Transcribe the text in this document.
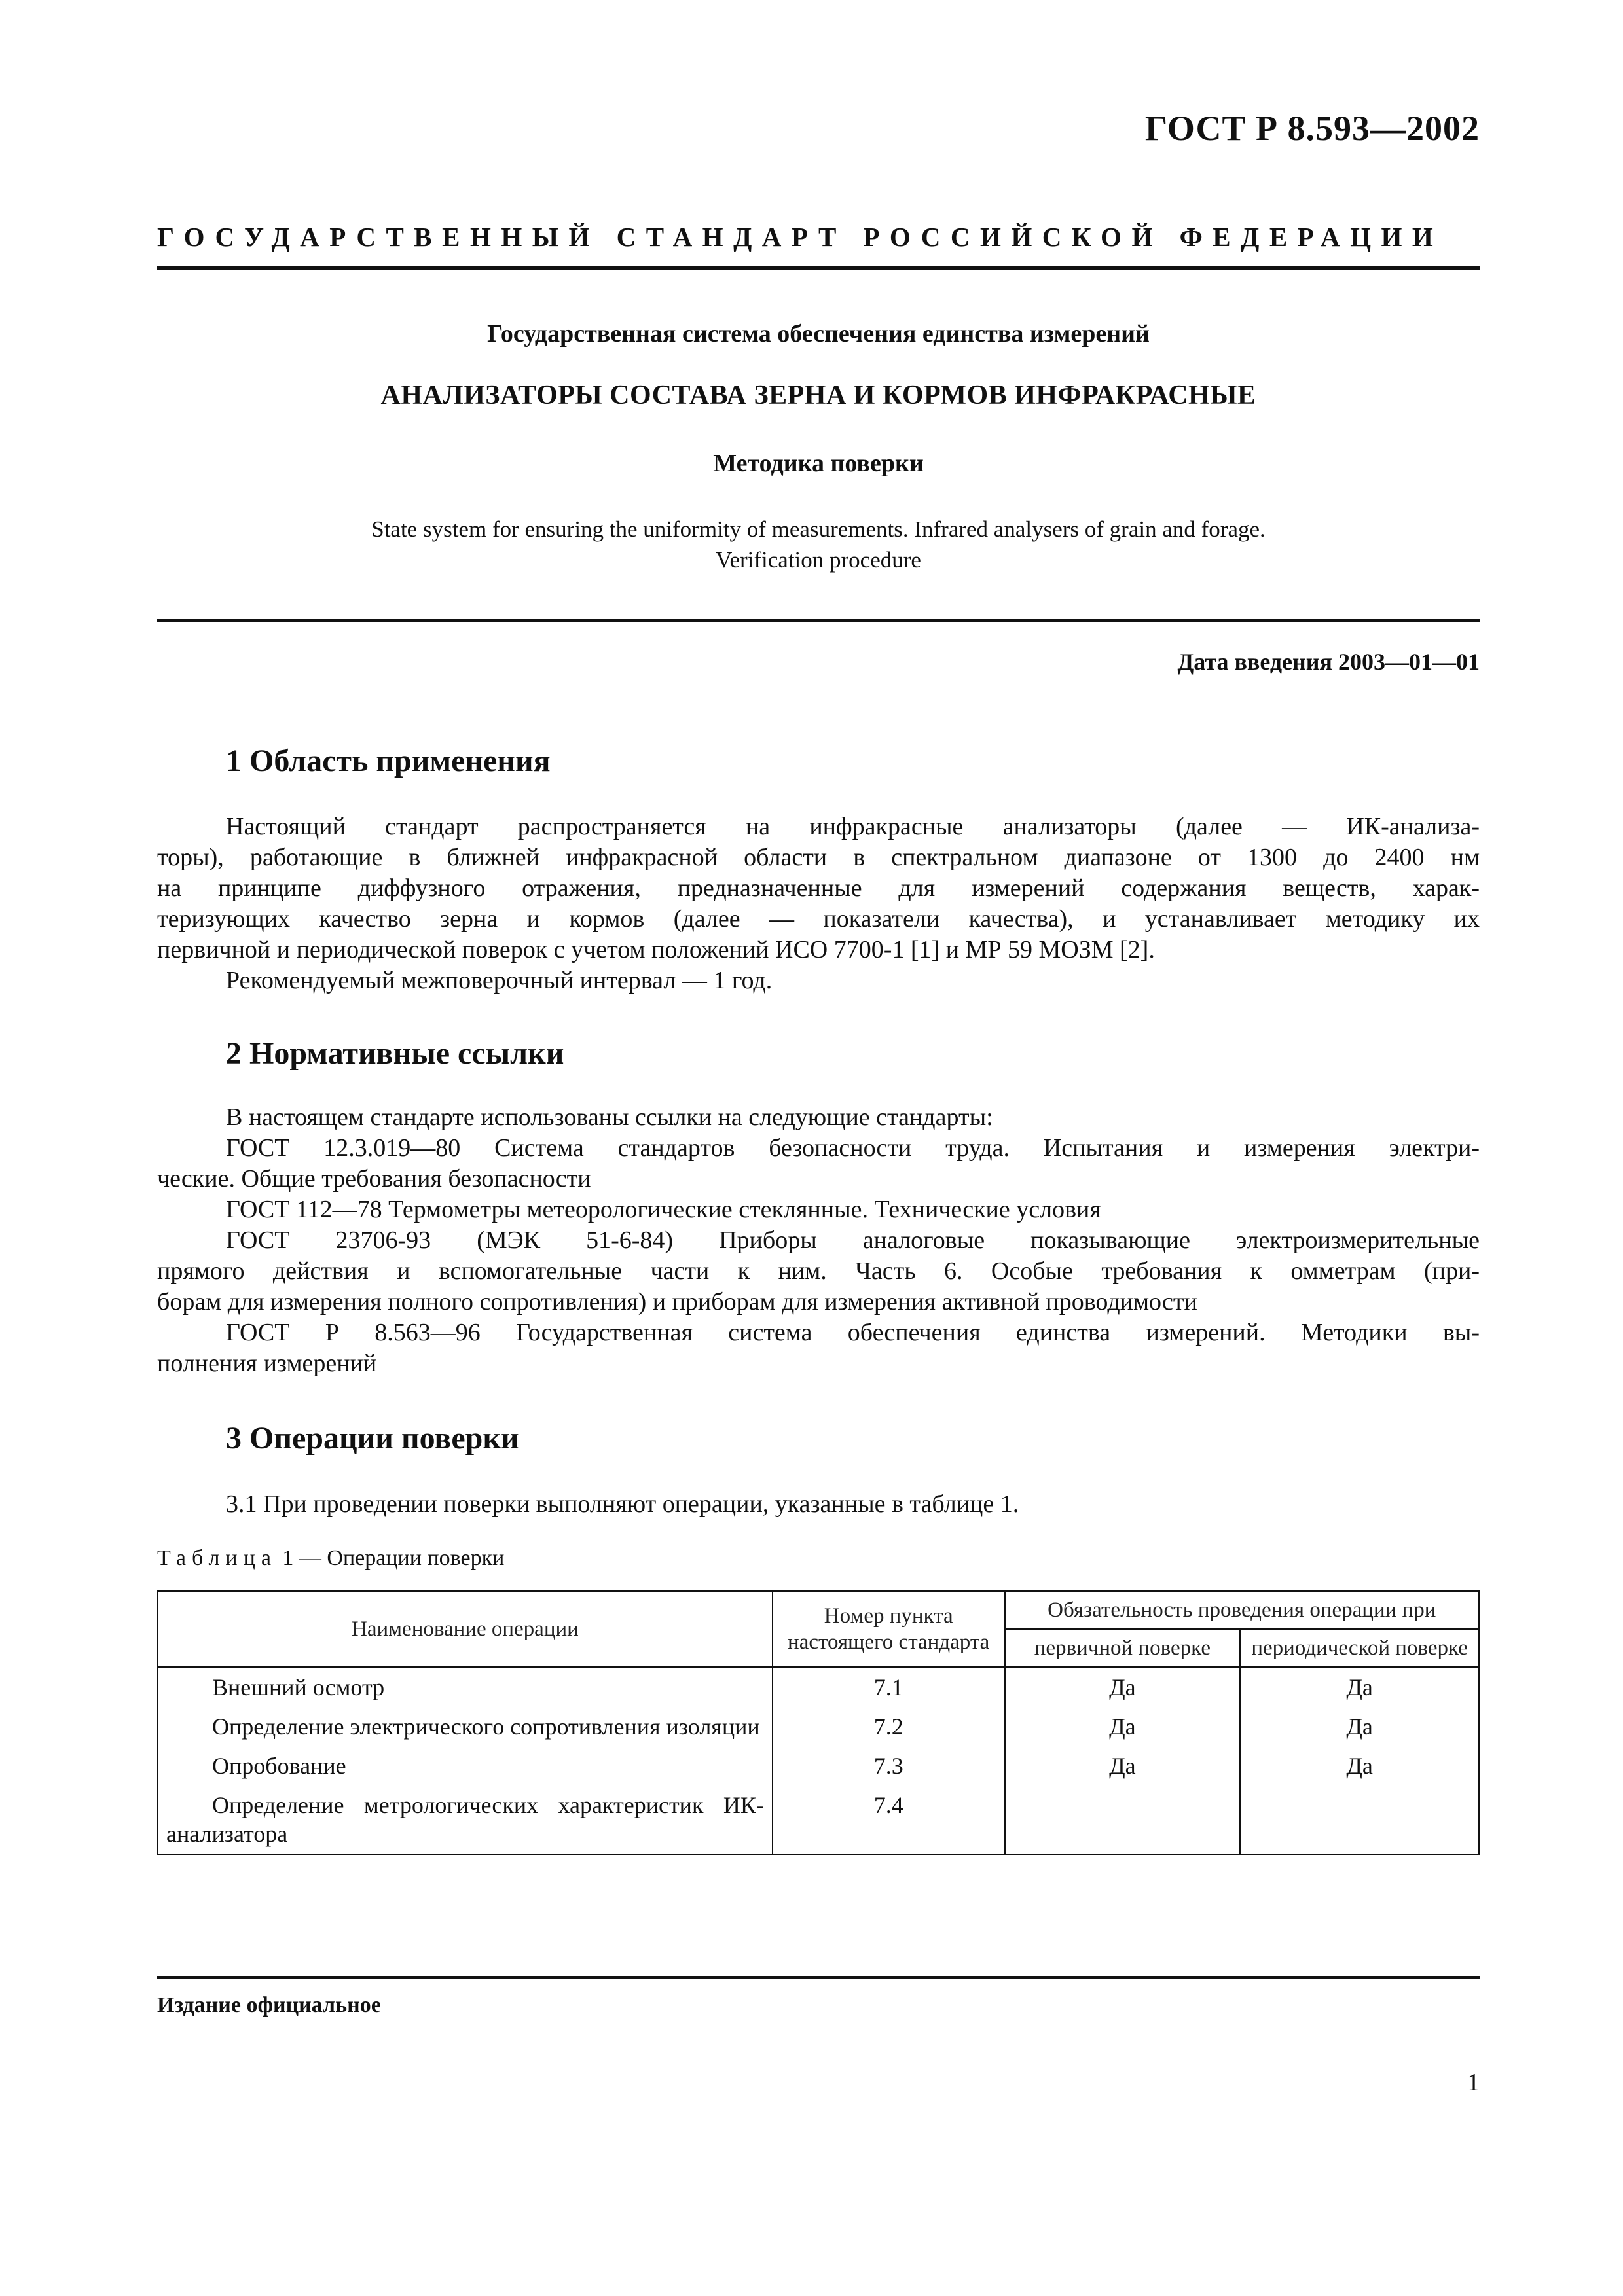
ГОСТ Р 8.593—2002
ГОСУДАРСТВЕННЫЙ СТАНДАРТ РОССИЙСКОЙ ФЕДЕРАЦИИ
Государственная система обеспечения единства измерений
АНАЛИЗАТОРЫ СОСТАВА ЗЕРНА И КОРМОВ ИНФРАКРАСНЫЕ
Методика поверки
State system for ensuring the uniformity of measurements. Infrared analysers of grain and forage.
Verification procedure
Дата введения 2003—01—01
1 Область применения
Настоящий стандарт распространяется на инфракрасные анализаторы (далее — ИК-анализа-
торы), работающие в ближней инфракрасной области в спектральном диапазоне от 1300 до 2400 нм
на принципе диффузного отражения, предназначенные для измерений содержания веществ, харак-
теризующих качество зерна и кормов (далее — показатели качества), и устанавливает методику их
первичной и периодической поверок с учетом положений ИСО 7700-1 [1] и МР 59 МОЗМ [2].
Рекомендуемый межповерочный интервал — 1 год.
2 Нормативные ссылки
В настоящем стандарте использованы ссылки на следующие стандарты:
ГОСТ 12.3.019—80 Система стандартов безопасности труда. Испытания и измерения электри-
ческие. Общие требования безопасности
ГОСТ 112—78 Термометры метеорологические стеклянные. Технические условия
ГОСТ 23706-93 (МЭК 51-6-84) Приборы аналоговые показывающие электроизмерительные
прямого действия и вспомогательные части к ним. Часть 6. Особые требования к омметрам (при-
борам для измерения полного сопротивления) и приборам для измерения активной проводимости
ГОСТ Р 8.563—96 Государственная система обеспечения единства измерений. Методики вы-
полнения измерений
3 Операции поверки
3.1 При проведении поверки выполняют операции, указанные в таблице 1.
Таблица 1 — Операции поверки
Наименование операции	Номер пункта настоящего стандарта	Обязательность проведения операции при	
		первичной поверке	периодической поверке
Внешний осмотр	7.1	Да	Да
Определение электрического сопротивления изоляции	7.2	Да	Да
Опробование	7.3	Да	Да
Определение метрологических характеристик ИК-анализатора	7.4		
Издание официальное
1
